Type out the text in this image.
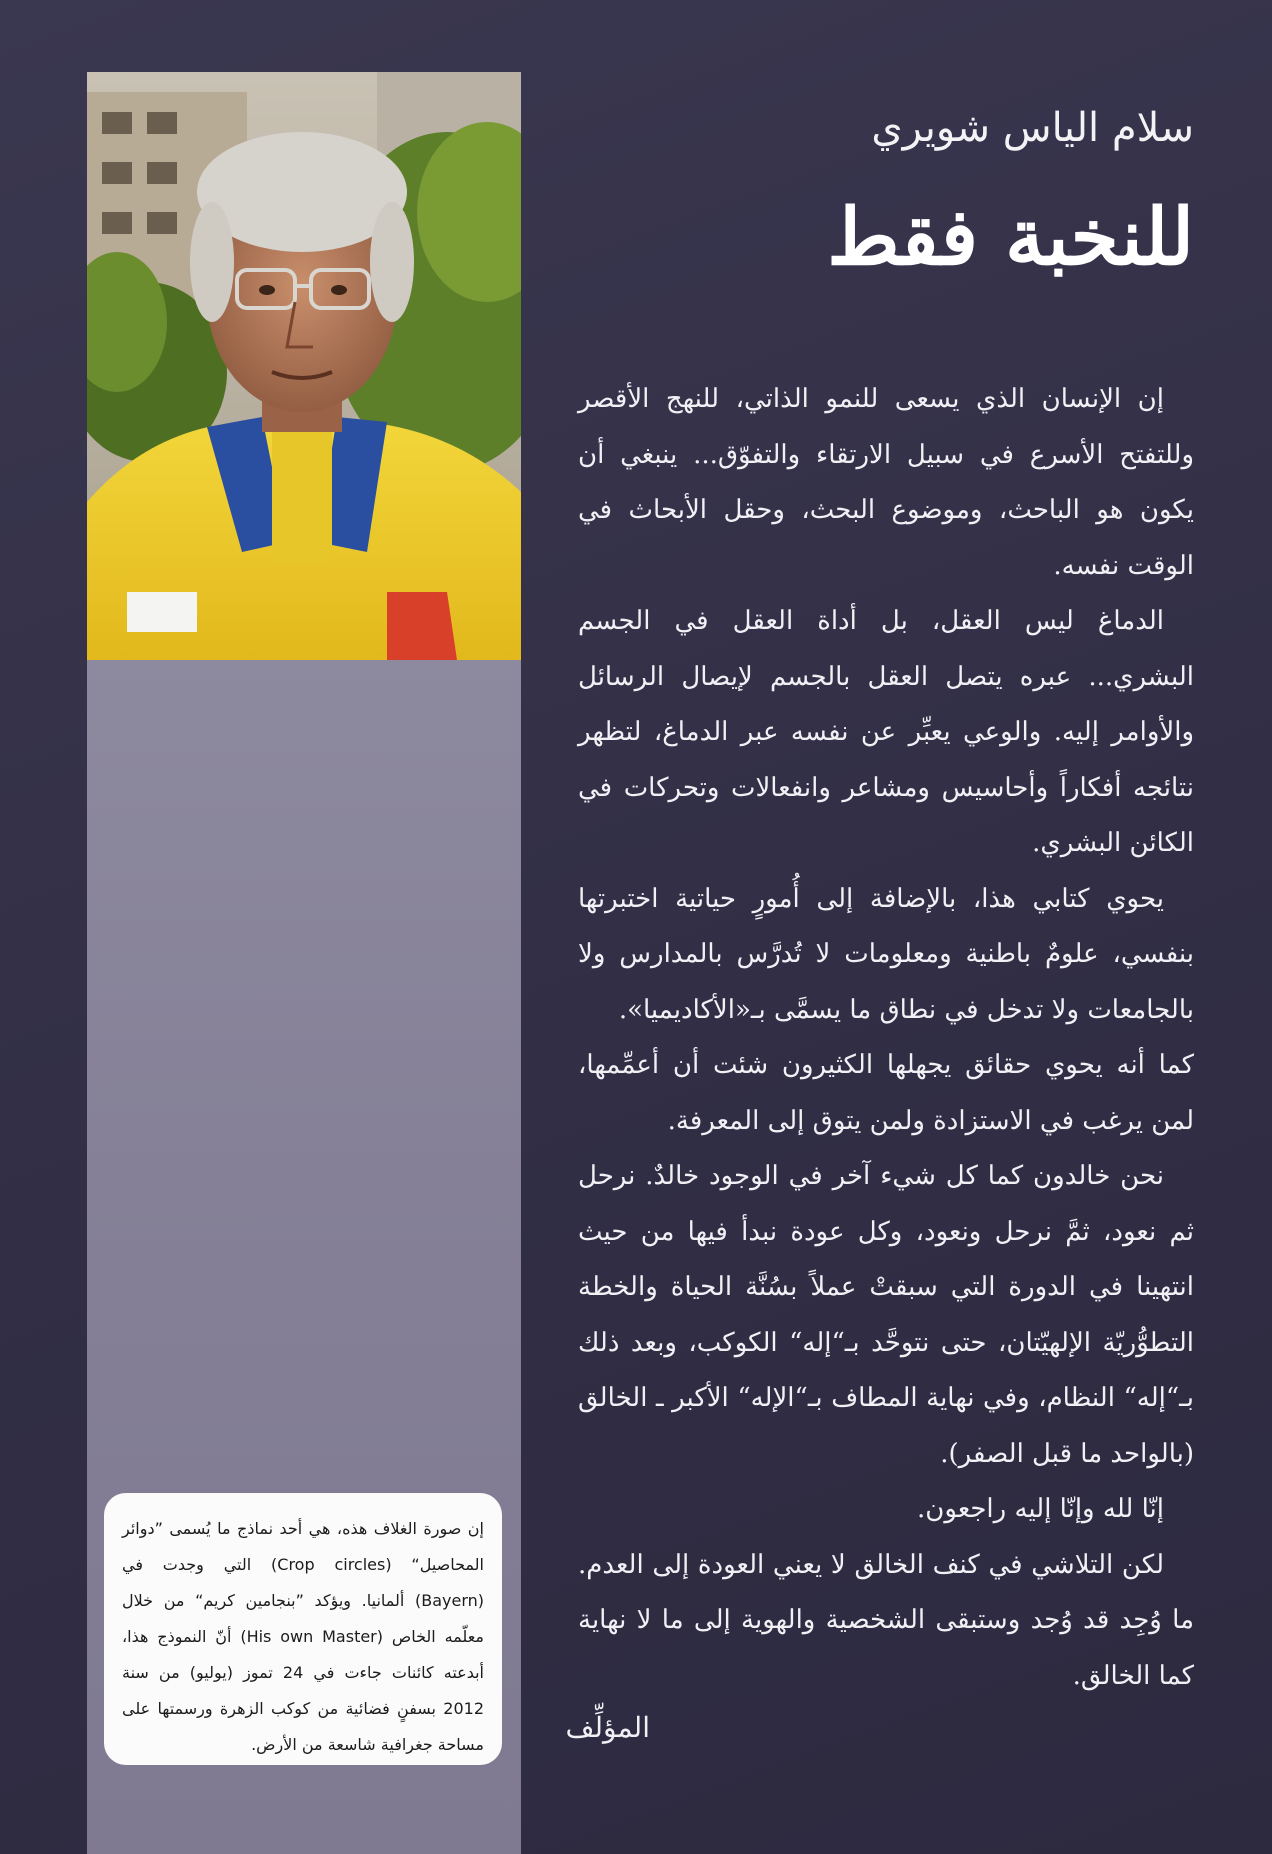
سلام الياس شويري
للنخبة فقط

إن الإنسان الذي يسعى للنمو الذاتي، للنهج الأقصر وللتفتح الأسرع في سبيل الارتقاء والتفوّق... ينبغي أن يكون هو الباحث، وموضوع البحث، وحقل الأبحاث في الوقت نفسه.

الدماغ ليس العقل، بل أداة العقل في الجسم البشري... عبره يتصل العقل بالجسم لإيصال الرسائل والأوامر إليه. والوعي يعبِّر عن نفسه عبر الدماغ، لتظهر نتائجه أفكاراً وأحاسيس ومشاعر وانفعالات وتحركات في الكائن البشري.

يحوي كتابي هذا، بالإضافة إلى أُمورٍ حياتية اختبرتها بنفسي، علومٌ باطنية ومعلومات لا تُدرَّس بالمدارس ولا بالجامعات ولا تدخل في نطاق ما يسمَّى بـ«الأكاديميا».

كما أنه يحوي حقائق يجهلها الكثيرون شئت أن أعمِّمها، لمن يرغب في الاستزادة ولمن يتوق إلى المعرفة.

نحن خالدون كما كل شيء آخر في الوجود خالدٌ. نرحل ثم نعود، ثمَّ نرحل ونعود، وكل عودة نبدأ فيها من حيث انتهينا في الدورة التي سبقتْ عملاً بسُنَّة الحياة والخطة التطوُّريّة الإلهيّتان، حتى نتوحَّد بـ“إله“ الكوكب، وبعد ذلك بـ“إله“ النظام، وفي نهاية المطاف بـ“الإله“ الأكبر ـ الخالق (بالواحد ما قبل الصفر).

إنّا لله وإنّا إليه راجعون.

لكن التلاشي في كنف الخالق لا يعني العودة إلى العدم. ما وُجِد قد وُجد وستبقى الشخصية والهوية إلى ما لا نهاية كما الخالق.

المؤلِّف
إن صورة الغلاف هذه، هي أحد نماذج ما يُسمى ”دوائر المحاصيل“ (Crop circles) التي وجدت في (Bayern) ألمانيا. ويؤكد ”بنجامين كريم“ من خلال معلّمه الخاص (His own Master) أنّ النموذج هذا، أبدعته كائنات جاءت في 24 تموز (يوليو) من سنة 2012 بسفنٍ فضائية من كوكب الزهرة ورسمتها على مساحة جغرافية شاسعة من الأرض.
